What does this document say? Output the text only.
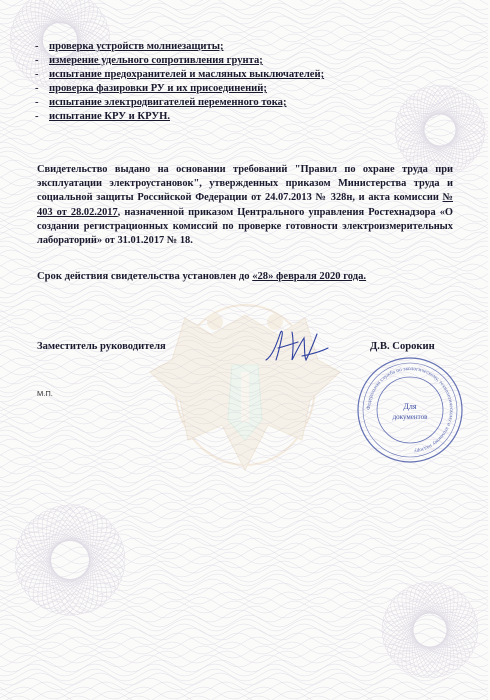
- проверка устройств молниезащиты;
- измерение удельного сопротивления грунта;
- испытание предохранителей и масляных выключателей;
- проверка фазировки РУ и их присоединений;
- испытание электродвигателей переменного тока;
- испытание КРУ и КРУН.

Свидетельство выдано на основании требований "Правил по охране труда при эксплуатации электроустановок", утвержденных приказом Министерства труда и социальной защиты Российской Федерации от 24.07.2013 № 328н, и акта комиссии № 403 от 28.02.2017, назначенной приказом Центрального управления Ростехнадзора «О создании регистрационных комиссий по проверке готовности электроизмерительных лабораторий» от 31.01.2017 № 18.

Срок действия свидетельства установлен до «28» февраля 2020 года.

Заместитель руководителя	Д.В. Сорокин
М.П.
Федеральная служба по экологическому, технологическому и атомному надзору
Для
документов
